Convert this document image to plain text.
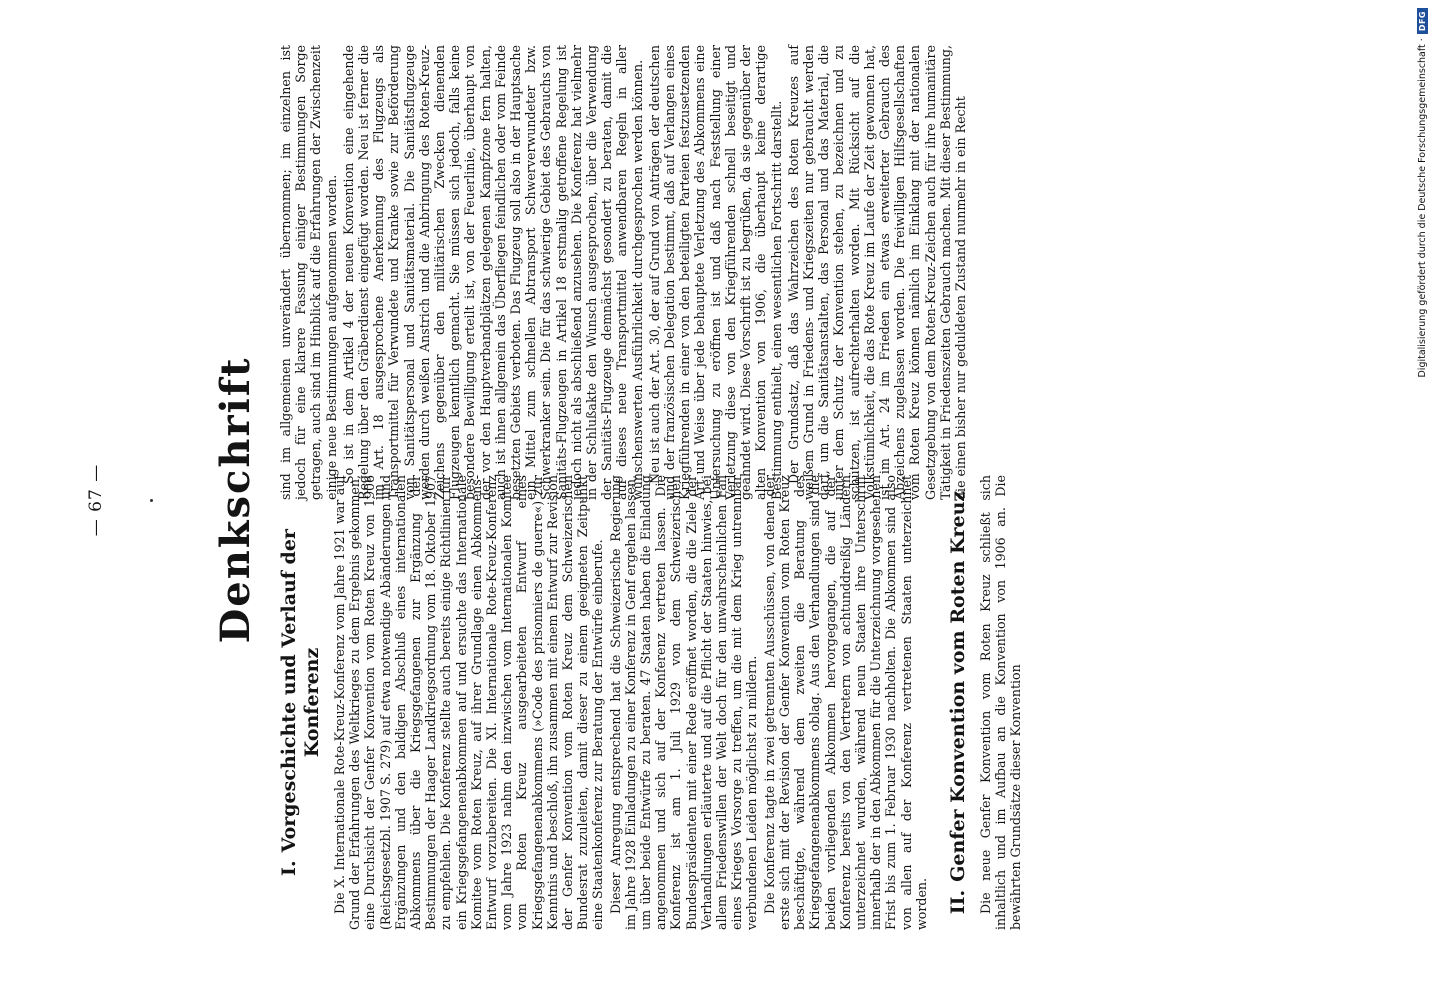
— 67 —	Denkschrift
I.Vorgeschichte und Verlauf der Konferenz Die X. Internationale Rote-Kreuz-Konferenz vom Jahre 1921 war auf Grund der Erfahrungen des Weltkrieges zu dem Ergebnis gekommen, eine Durchsicht der Genfer Konvention vom Roten Kreuz von 1906 (Reichsgesetzbl. 1907 S. 279) auf etwa notwendige Abänderungen und Ergänzungen und den baldigen Abschluß eines internationalen Abkommens über die Kriegsgefangenen zur Ergänzung der Bestimmungen der Haager Landkriegsordnung vom 18. Oktober 1907 zu empfehlen. Die Konferenz stellte auch bereits einige Richtlinien für ein Kriegsgefangenenabkommen auf und ersuchte das Internationale Komitee vom Roten Kreuz, auf ihrer Grundlage einen Abkommens-Entwurf vorzubereiten. Die XI. Internationale Rote-Kreuz-Konferenz vom Jahre 1923 nahm den inzwischen vom Internationalen Komitee vom Roten Kreuz ausgearbeiteten Entwurf eines Kriegsgefangenenabkommens (»Code des prisonniers de guerre«) zur Kenntnis und beschloß, ihn zusammen mit einem Entwurf zur Revision der Genfer Konvention vom Roten Kreuz dem Schweizerischen Bundesrat zuzuleiten, damit dieser zu einem geeigneten Zeitpunkt eine Staatenkonferenz zur Beratung der Entwürfe einberufe. Dieser Anregung entsprechend hat die Schweizerische Regierung im Jahre 1928 Einladungen zu einer Konferenz in Genf ergehen lassen, um über beide Entwürfe zu beraten. 47 Staaten haben die Einladung angenommen und sich auf der Konferenz vertreten lassen. Die Konferenz ist am 1. Juli 1929 von dem Schweizerischen Bundespräsidenten mit einer Rede eröffnet worden, die die Ziele der Verhandlungen erläuterte und auf die Pflicht der Staaten hinwies, bei allem Friedenswillen der Welt doch für den unwahrscheinlichen Fall eines Krieges Vorsorge zu treffen, um die mit dem Krieg untrennbar verbundenen Leiden möglichst zu mildern. Die Konferenz tagte in zwei getrennten Ausschüssen, von denen der erste sich mit der Revision der Genfer Konvention vom Roten Kreuz beschäftigte, während dem zweiten die Beratung des Kriegsgefangenenabkommens oblag. Aus den Verhandlungen sind die beiden vorliegenden Abkommen hervorgegangen, die auf der Konferenz bereits von den Vertretern von achtunddreißig Ländern unterzeichnet wurden, während neun Staaten ihre Unterschrift innerhalb der in den Abkommen für die Unterzeichnung vorgesehenen Frist bis zum 1. Februar 1930 nachholten. Die Abkommen sind also von allen auf der Konferenz vertretenen Staaten unterzeichnet worden. II.Genfer Konvention vom Roten Kreuz Die neue Genfer Konvention vom Roten Kreuz schließt sich inhaltlich und im Aufbau an die Konvention von 1906 an. Die bewährten Grundsätze dieser Konvention

sind im allgemeinen unverändert übernommen; im einzelnen ist jedoch für eine klarere Fassung einiger Bestimmungen Sorge getragen, auch sind im Hinblick auf die Erfahrungen der Zwischenzeit einige neue Bestimmungen aufgenommen worden. So ist in dem Artikel 4 der neuen Konvention eine eingehende Regelung über den Gräberdienst eingefügt worden. Neu ist ferner die im Art. 18 ausgesprochene Anerkennung des Flugzeugs als Transportmittel für Verwundete und Kranke sowie zur Beförderung von Sanitätspersonal und Sanitätsmaterial. Die Sanitätsflugzeuge werden durch weißen Anstrich und die Anbringung des Roten-Kreuz-Zeichens gegenüber den militärischen Zwecken dienenden Flugzeugen kenntlich gemacht. Sie müssen sich jedoch, falls keine besondere Bewilligung erteilt ist, von der Feuerlinie, überhaupt von der vor den Hauptverbandplätzen gelegenen Kampfzone fern halten, auch ist ihnen allgemein das Überfliegen feindlichen oder vom Feinde besetzten Gebiets verboten. Das Flugzeug soll also in der Hauptsache ein Mittel zum schnellen Abtransport Schwerverwundeter bzw. Schwerkranker sein. Die für das schwierige Gebiet des Gebrauchs von Sanitäts-Flugzeugen in Artikel 18 erstmalig getroffene Regelung ist jedoch nicht als abschließend anzusehen. Die Konferenz hat vielmehr in der Schlußakte den Wunsch ausgesprochen, über die Verwendung der Sanitäts-Flugzeuge demnächst gesondert zu beraten, damit die auf dieses neue Transportmittel anwendbaren Regeln in aller wünschenswerten Ausführlichkeit durchgesprochen werden können. Neu ist auch der Art. 30, der auf Grund von Anträgen der deutschen und der französischen Delegation bestimmt, daß auf Verlangen eines Kriegführenden in einer von den beteiligten Parteien festzusetzenden Art und Weise über jede behauptete Verletzung des Abkommens eine Untersuchung zu eröffnen ist und daß nach Feststellung einer Verletzung diese von den Kriegführenden schnell beseitigt und geahndet wird. Diese Vorschrift ist zu begrüßen, da sie gegenüber der alten Konvention von 1906, die überhaupt keine derartige Bestimmung enthielt, einen wesentlichen Fortschritt darstellt. Der Grundsatz, daß das Wahrzeichen des Roten Kreuzes auf weißem Grund in Friedens- und Kriegszeiten nur gebraucht werden darf, um die Sanitätsanstalten, das Personal und das Material, die unter dem Schutz der Konvention stehen, zu bezeichnen und zu schützen, ist aufrechterhalten worden. Mit Rücksicht auf die Volkstümlichkeit, die das Rote Kreuz im Laufe der Zeit gewonnen hat, ist im Art. 24 im Frieden ein etwas erweiterter Gebrauch des Abzeichens zugelassen worden. Die freiwilligen Hilfsgesellschaften vom Roten Kreuz können nämlich im Einklang mit der nationalen Gesetzgebung von dem Roten-Kreuz-Zeichen auch für ihre humanitäre Tätigkeit in Friedenszeiten Gebrauch machen. Mit dieser Bestimmung, die einen bisher nur geduldeten Zustand nunmehr in ein Recht	Digitalisierung gefördert durch die Deutsche Forschungsgemeinschaft ·
DFG
